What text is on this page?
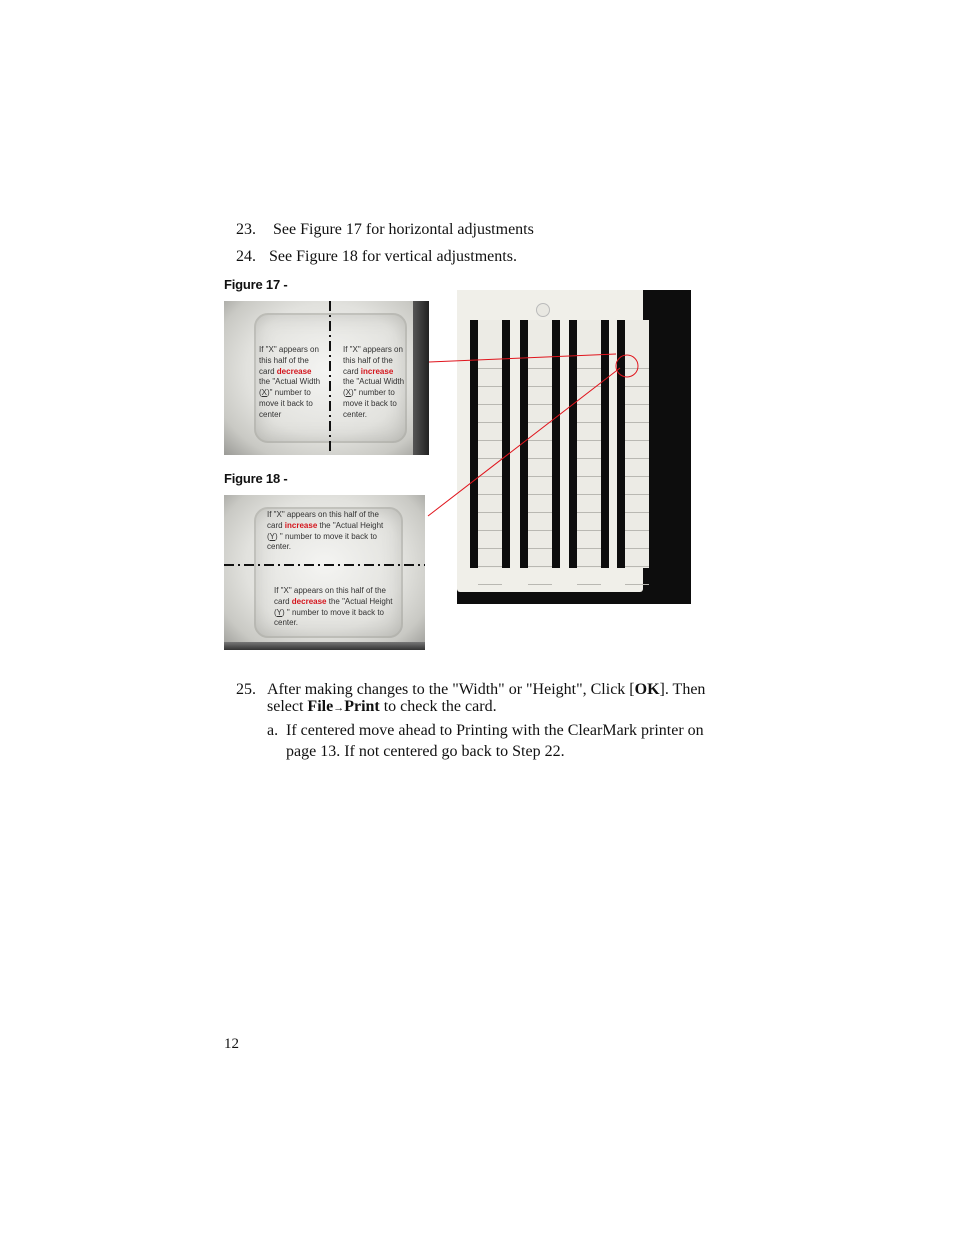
23. See Figure 17 for horizontal adjustments
24. See Figure 18 for vertical adjustments.
Figure 17 -
If "X" appears on
this half of the
card decrease
the "Actual Width
(X)" number to
move it back to
center
If "X" appears on
this half of the
card increase
the "Actual Width
(X)" number to
move it back to
center.
Figure 18 -
If "X" appears on this half of the
card increase the "Actual Height
(Y) " number to move it back to
center.
If "X" appears on this half of the
card decrease the "Actual Height
(Y) " number to move it back to
center.
25. After making changes to the "Width" or "Height", Click [OK]. Then
select File→Print to check the card.
a. If centered move ahead to Printing with the ClearMark printer on
page 13. If not centered go back to Step 22.
12
